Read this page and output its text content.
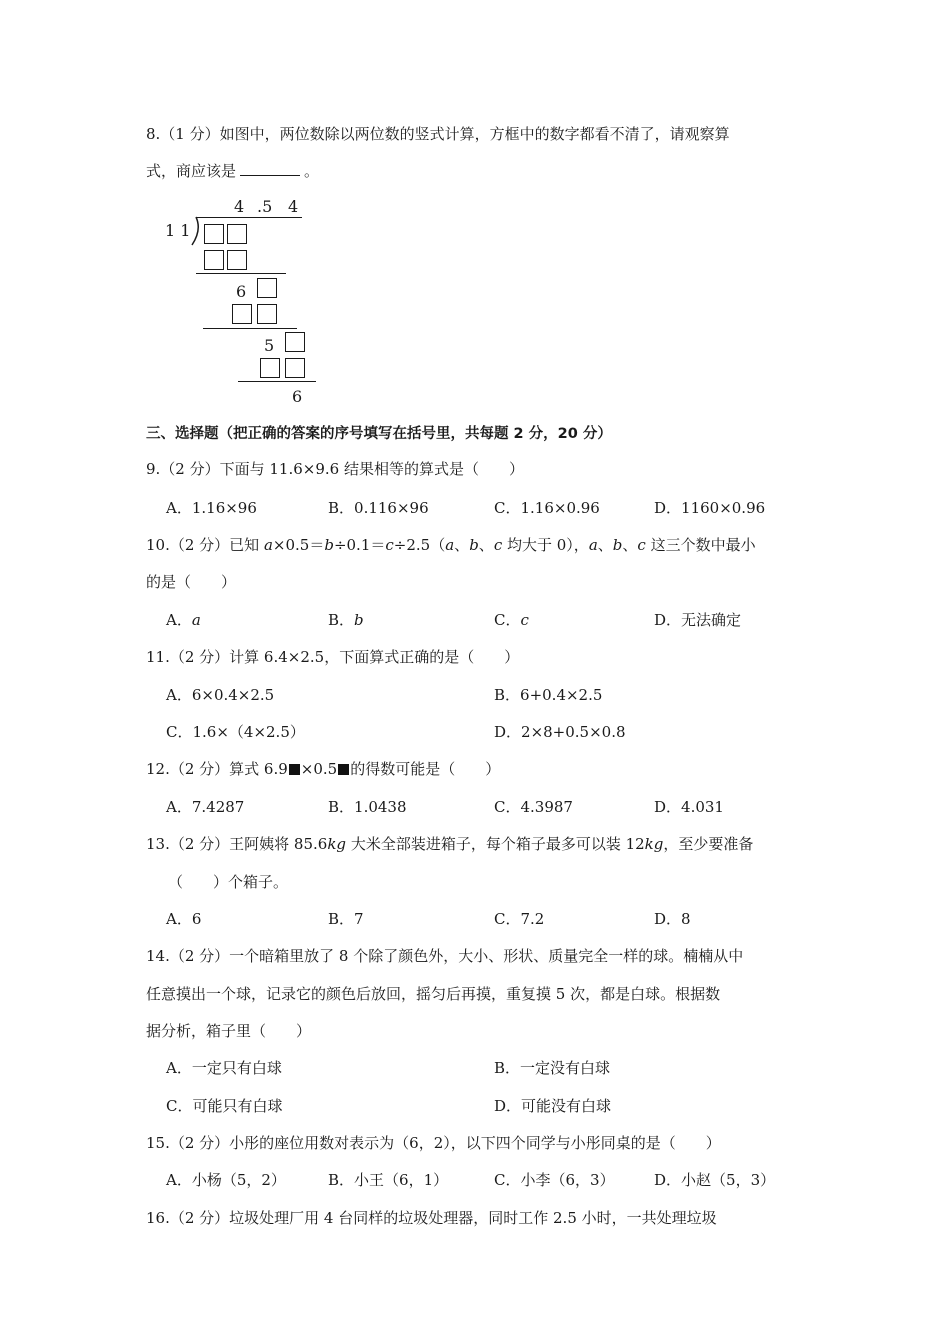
8.（1 分）如图中，两位数除以两位数的竖式计算，方框中的数字都看不清了，请观察算
式，商应该是	。
4 .5 4
1 1
6
5
6
三、选择题（把正确的答案的序号填写在括号里，共每题 2 分，20 分）
9.（2 分）下面与 11.6×9.6 结果相等的算式是（　　）
A．1.16×96	B．0.116×96	C．1.16×0.96	D．1160×0.96
10.（2 分）已知 a×0.5＝b÷0.1＝c÷2.5（a、b、c 均大于 0），a、b、c 这三个数中最小
的是（　　）
A．a	B．b	C．c	D．无法确定
11.（2 分）计算 6.4×2.5，下面算式正确的是（　　）
A．6×0.4×2.5	B．6+0.4×2.5
C．1.6×（4×2.5）	D．2×8+0.5×0.8
12.（2 分）算式 6.9 ×0.5 的得数可能是（　　）
A．7.4287	B．1.0438	C．4.3987	D．4.031
13.（2 分）王阿姨将 85.6kg 大米全部装进箱子，每个箱子最多可以装 12kg，至少要准备
（　　）个箱子。
A．6	B．7	C．7.2	D．8
14.（2 分）一个暗箱里放了 8 个除了颜色外，大小、形状、质量完全一样的球。楠楠从中
任意摸出一个球，记录它的颜色后放回，摇匀后再摸，重复摸 5 次，都是白球。根据数
据分析，箱子里（　　）
A．一定只有白球	B．一定没有白球
C．可能只有白球	D．可能没有白球
15.（2 分）小彤的座位用数对表示为（6，2），以下四个同学与小彤同桌的是（　　）
A．小杨（5，2）	B．小王（6，1）	C．小李（6，3）	D．小赵（5，3）
16.（2 分）垃圾处理厂用 4 台同样的垃圾处理器，同时工作 2.5 小时，一共处理垃圾
